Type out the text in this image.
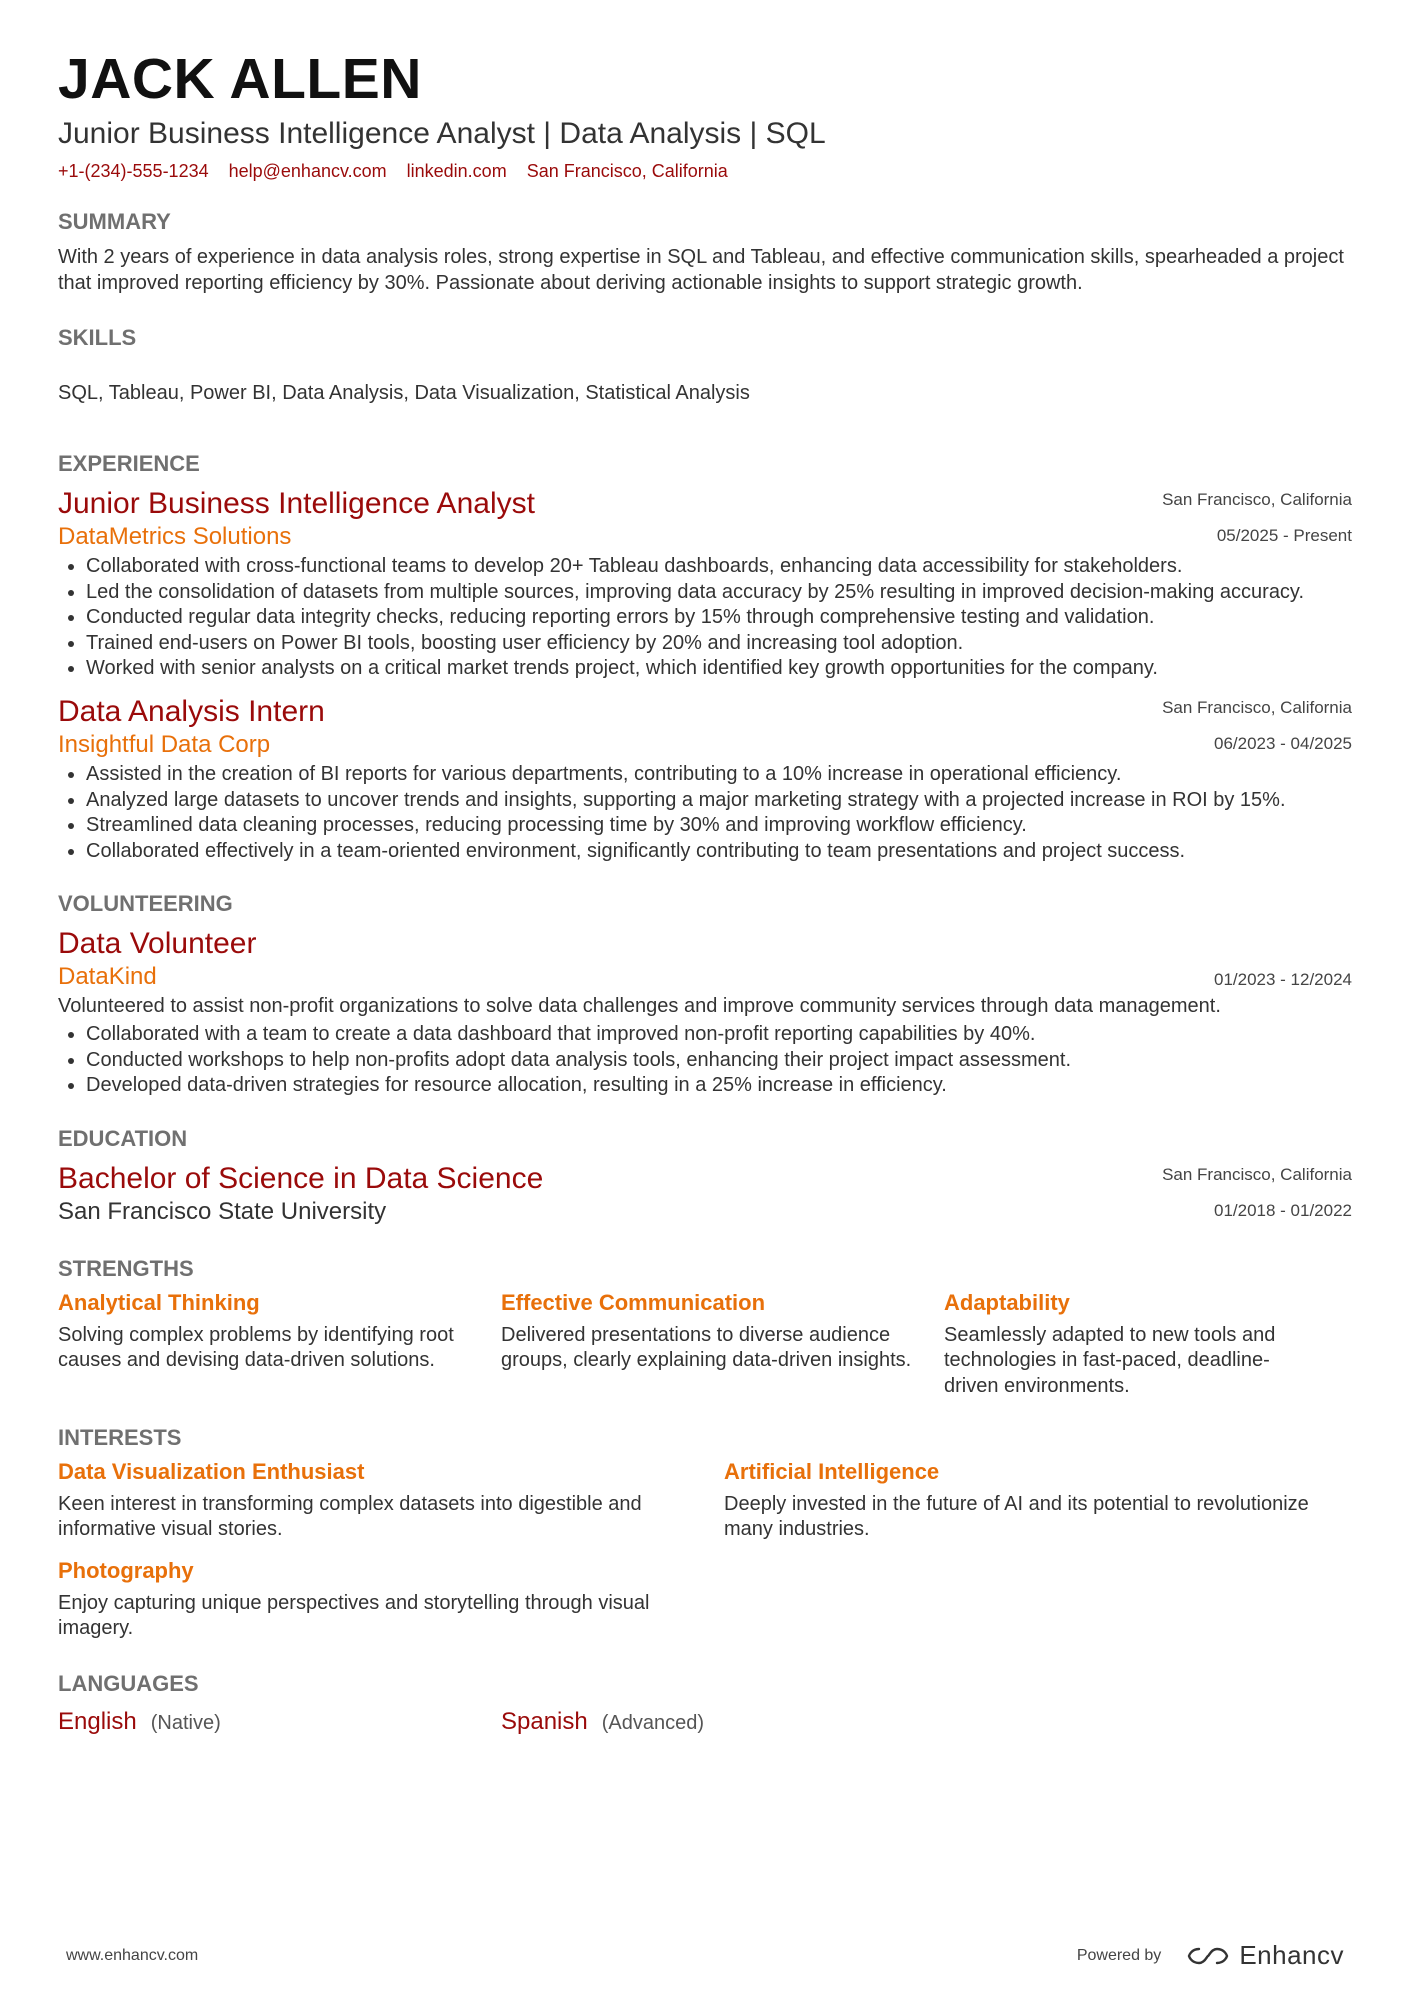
JACK ALLEN
Junior Business Intelligence Analyst | Data Analysis | SQL
+1-(234)-555-1234 help@enhancv.com linkedin.com San Francisco, California
SUMMARY
With 2 years of experience in data analysis roles, strong expertise in SQL and Tableau, and effective communication skills, spearheaded a project that improved reporting efficiency by 30%. Passionate about deriving actionable insights to support strategic growth.
SKILLS
SQL, Tableau, Power BI, Data Analysis, Data Visualization, Statistical Analysis
EXPERIENCE
Junior Business Intelligence Analyst
DataMetrics Solutions
San Francisco, California
05/2025 - Present
• Collaborated with cross-functional teams to develop 20+ Tableau dashboards, enhancing data accessibility for stakeholders.
• Led the consolidation of datasets from multiple sources, improving data accuracy by 25% resulting in improved decision-making accuracy.
• Conducted regular data integrity checks, reducing reporting errors by 15% through comprehensive testing and validation.
• Trained end-users on Power BI tools, boosting user efficiency by 20% and increasing tool adoption.
• Worked with senior analysts on a critical market trends project, which identified key growth opportunities for the company.
Data Analysis Intern
Insightful Data Corp
San Francisco, California
06/2023 - 04/2025
• Assisted in the creation of BI reports for various departments, contributing to a 10% increase in operational efficiency.
• Analyzed large datasets to uncover trends and insights, supporting a major marketing strategy with a projected increase in ROI by 15%.
• Streamlined data cleaning processes, reducing processing time by 30% and improving workflow efficiency.
• Collaborated effectively in a team-oriented environment, significantly contributing to team presentations and project success.
VOLUNTEERING
Data Volunteer
DataKind	01/2023 - 12/2024
Volunteered to assist non-profit organizations to solve data challenges and improve community services through data management.
• Collaborated with a team to create a data dashboard that improved non-profit reporting capabilities by 40%.
• Conducted workshops to help non-profits adopt data analysis tools, enhancing their project impact assessment.
• Developed data-driven strategies for resource allocation, resulting in a 25% increase in efficiency.
EDUCATION
Bachelor of Science in Data Science
San Francisco State University
San Francisco, California
01/2018 - 01/2022
STRENGTHS
Analytical Thinking
Solving complex problems by identifying root causes and devising data-driven solutions.
Effective Communication
Delivered presentations to diverse audience groups, clearly explaining data-driven insights.
Adaptability
Seamlessly adapted to new tools and technologies in fast-paced, deadline-driven environments.
INTERESTS
Data Visualization Enthusiast
Keen interest in transforming complex datasets into digestible and informative visual stories.
Artificial Intelligence
Deeply invested in the future of AI and its potential to revolutionize many industries.
Photography
Enjoy capturing unique perspectives and storytelling through visual imagery.
LANGUAGES
English (Native)	Spanish (Advanced)
www.enhancv.com	Powered by	Enhancv
